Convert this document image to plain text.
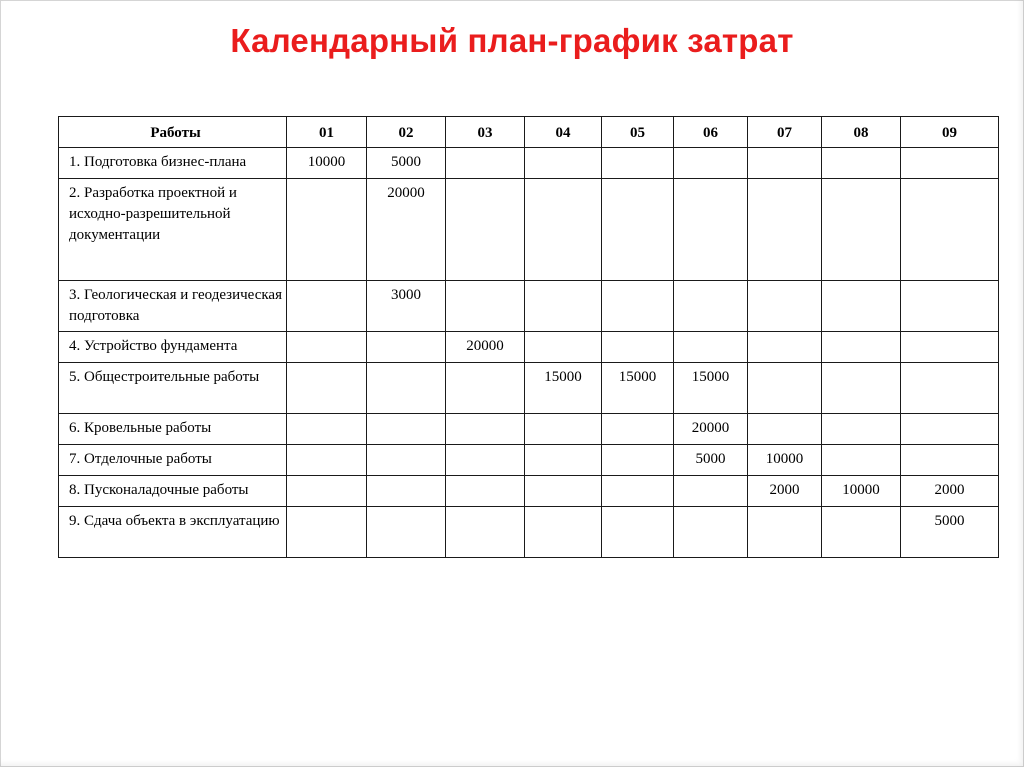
Календарный план-график затрат
Работы	01	02	03	04	05	06	07	08	09
1. Подготовка бизнес-плана	10000	5000							
2. Разработка проектной и исходно-разрешительной документации		20000							
3. Геологическая и геодезическая подготовка		3000							
4. Устройство фундамента			20000						
5. Общестроительные работы				15000	15000	15000			
6. Кровельные работы						20000			
7. Отделочные работы						5000	10000		
8. Пусконаладочные работы							2000	10000	2000
9. Сдача объекта в эксплуатацию									5000
